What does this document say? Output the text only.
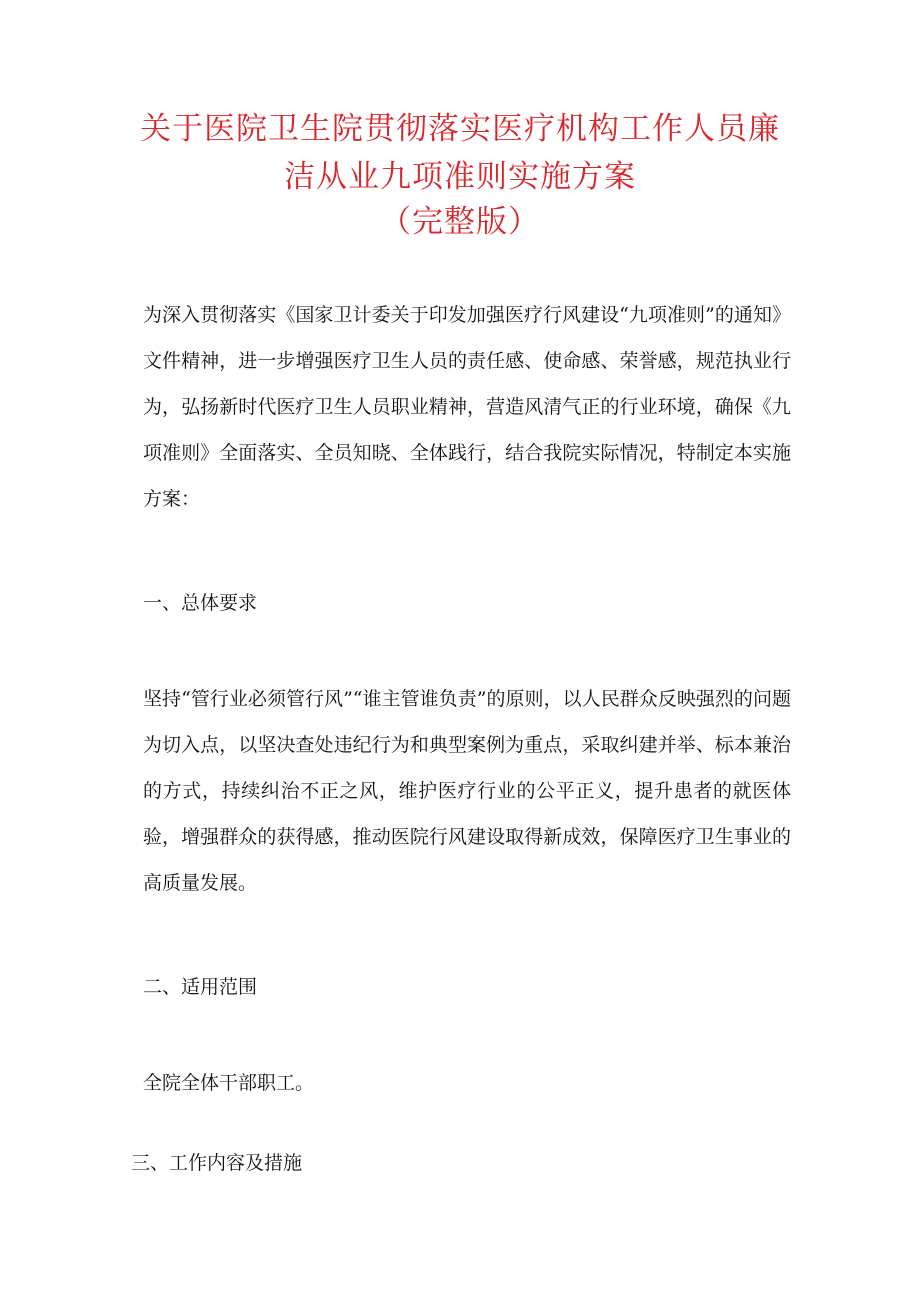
关于医院卫生院贯彻落实医疗机构工作人员廉
洁从业九项准则实施方案
（完整版）
为深入贯彻落实《国家卫计委关于印发加强医疗行风建设“九项准则”的通知》文件精神，进一步增强医疗卫生人员的责任感、使命感、荣誉感，规范执业行为，弘扬新时代医疗卫生人员职业精神，营造风清气正的行业环境，确保《九项准则》全面落实、全员知晓、全体践行，结合我院实际情况，特制定本实施方案：
一、总体要求
坚持“管行业必须管行风”“谁主管谁负责”的原则，以人民群众反映强烈的问题为切入点，以坚决查处违纪行为和典型案例为重点，采取纠建并举、标本兼治的方式，持续纠治不正之风，维护医疗行业的公平正义，提升患者的就医体验，增强群众的获得感，推动医院行风建设取得新成效，保障医疗卫生事业的高质量发展。
二、适用范围
全院全体干部职工。
三、工作内容及措施
